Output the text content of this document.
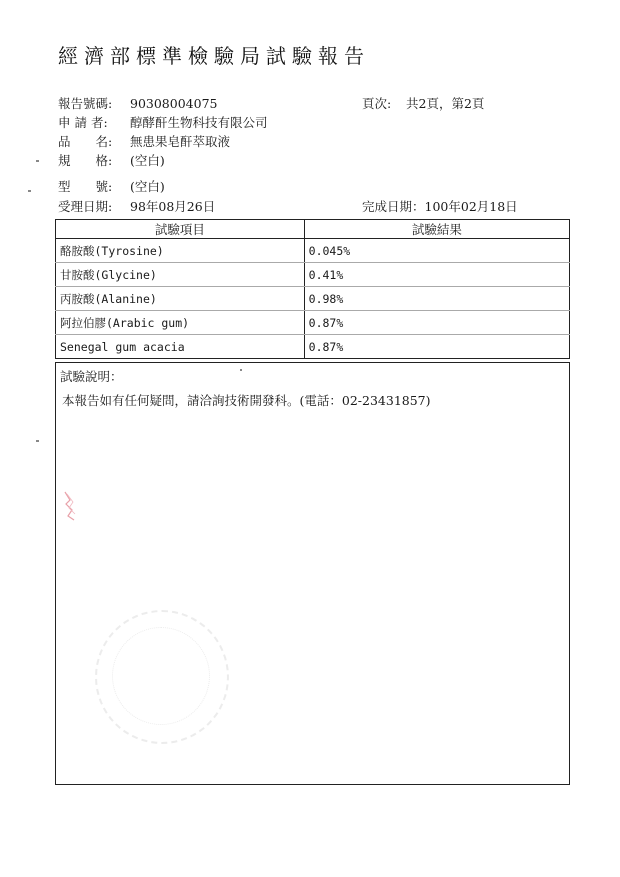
經濟部標準檢驗局試驗報告
報告號碼: 90308004075	頁次: 共2頁，第2頁
申 請 者: 醇酵酐生物科技有限公司
品　　名: 無患果皂酐萃取液
規　　格: (空白)
型　　號: (空白)
受理日期: 98年08月26日	完成日期：100年02月18日
試驗項目	試驗結果
酪胺酸(Tyrosine)	0.045%
甘胺酸(Glycine)	0.41%
丙胺酸(Alanine)	0.98%
阿拉伯膠(Arabic gum)	0.87%
Senegal gum acacia	0.87%
試驗說明：
本報告如有任何疑問，請洽詢技術開發科。(電話：02-23431857)
